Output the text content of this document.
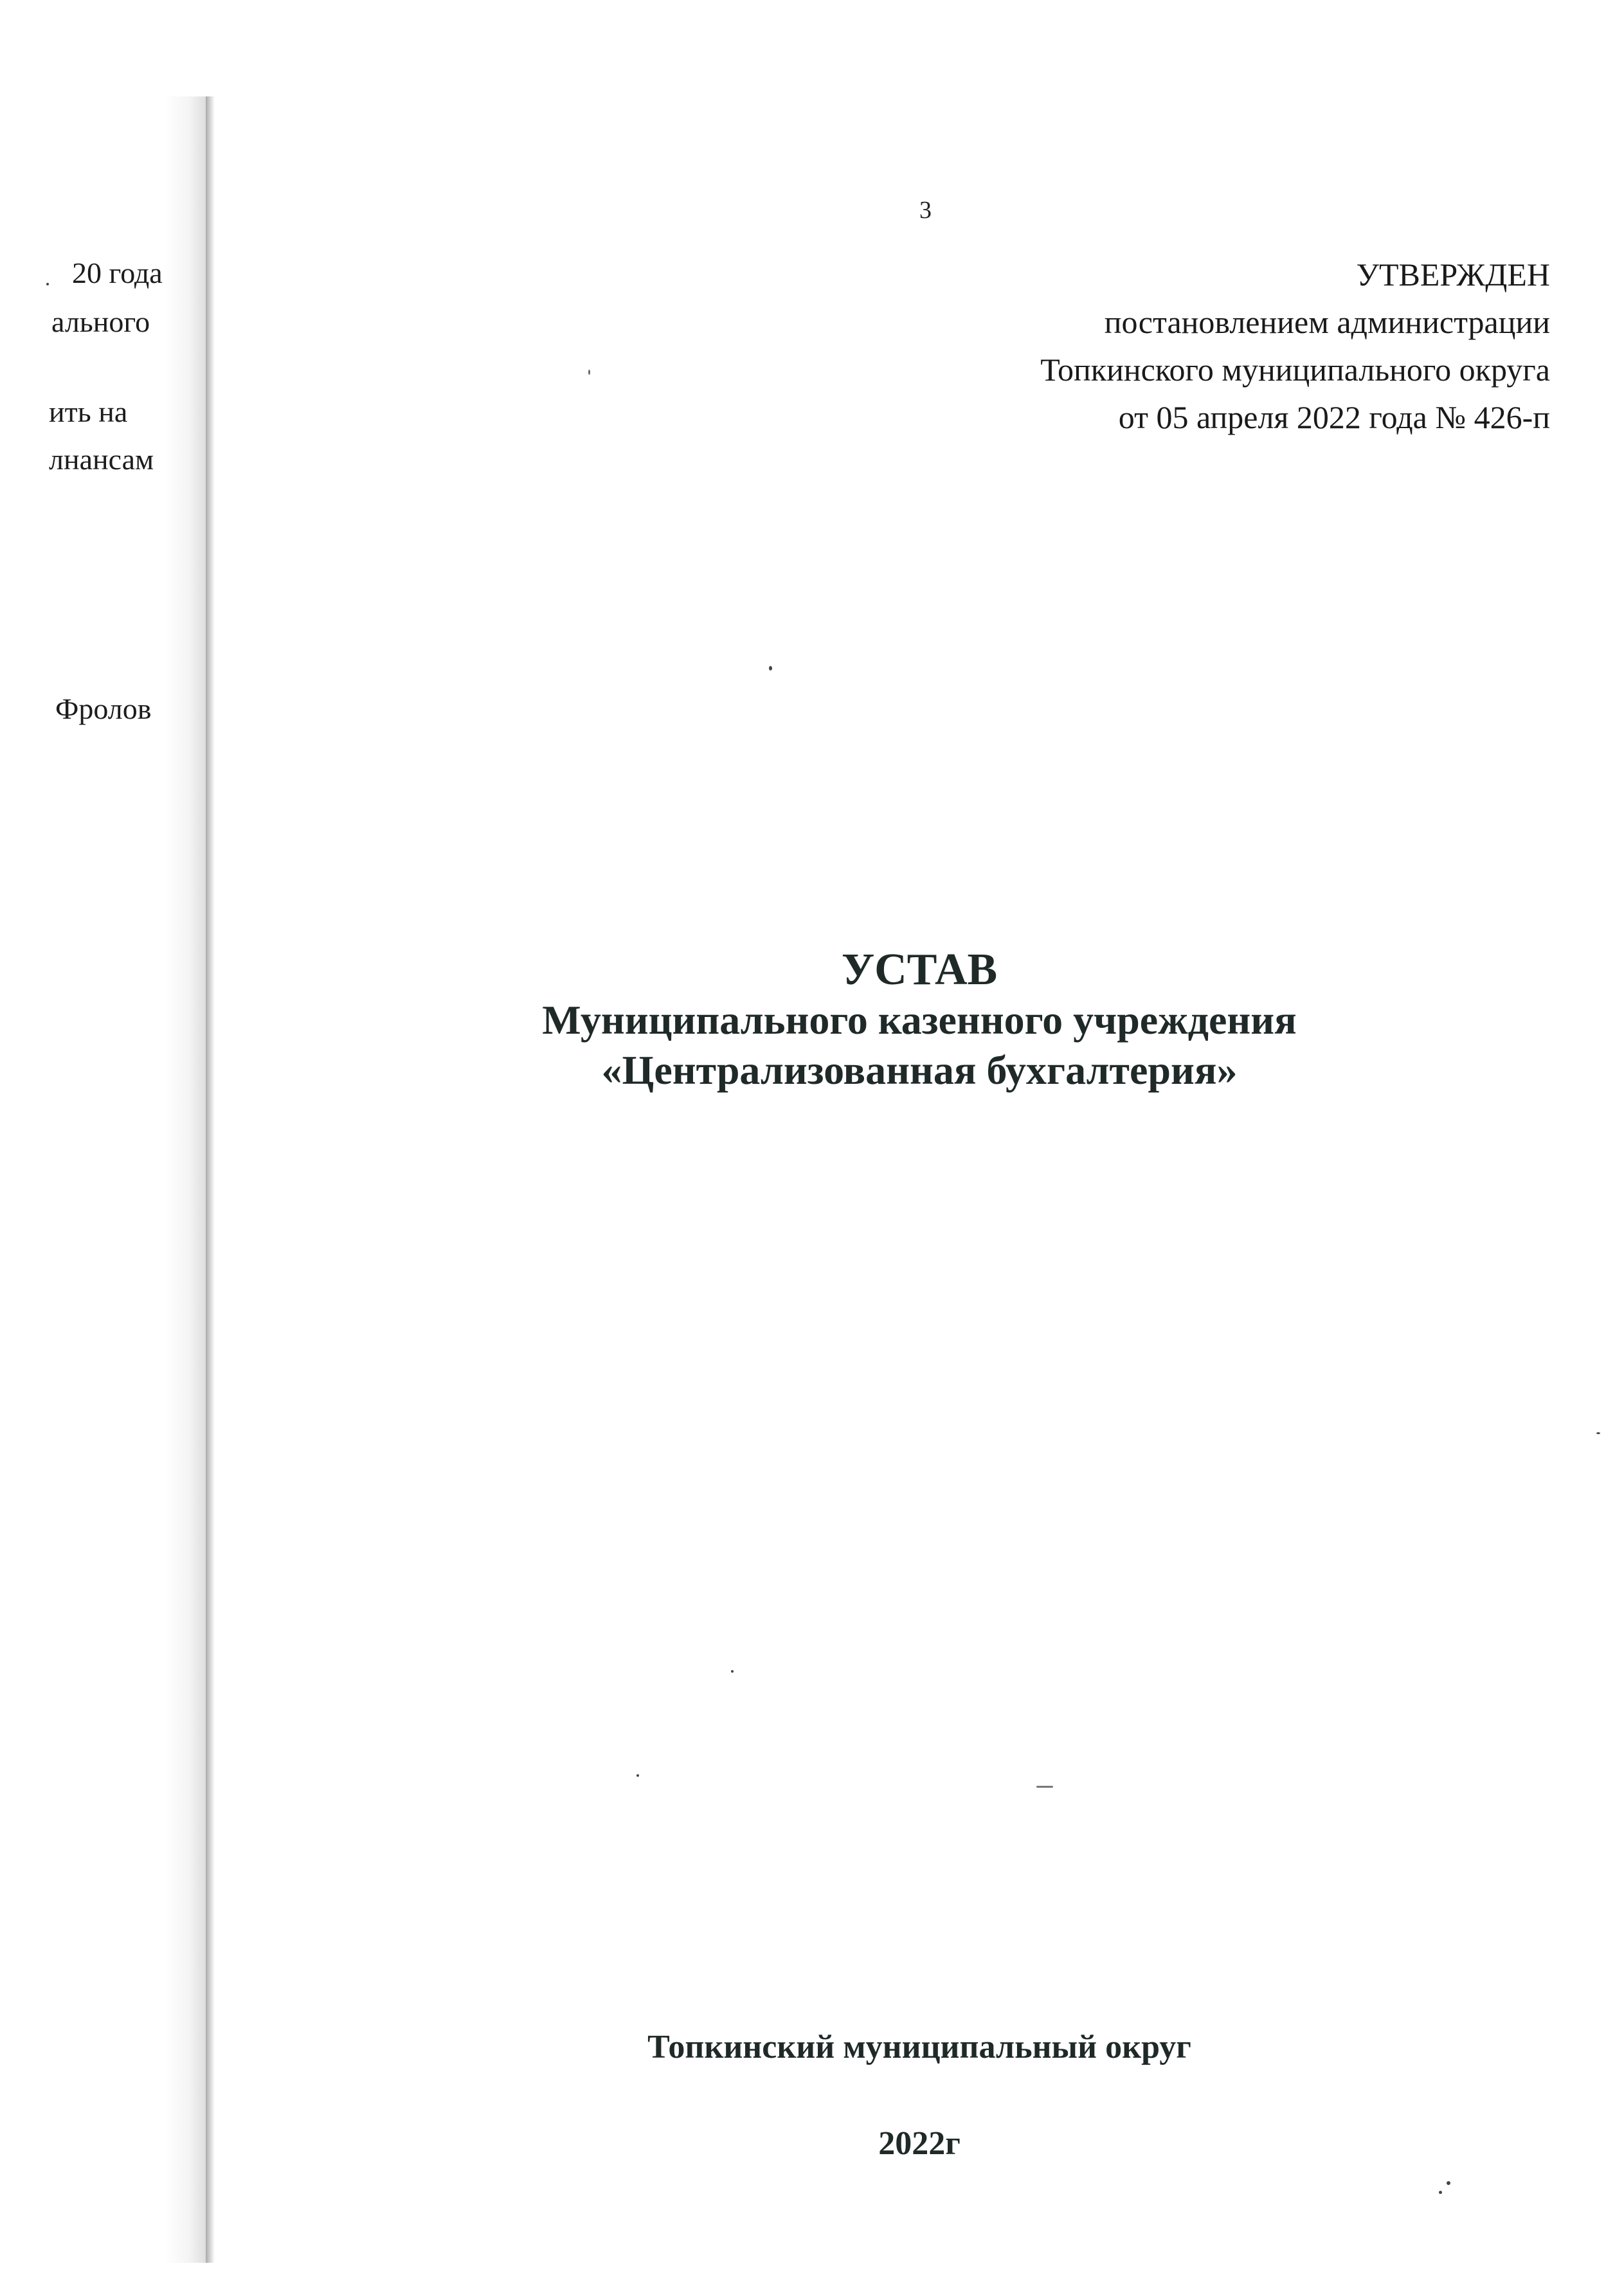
20 года
ального
ить на
лнансам
Фролов
3
УТВЕРЖДЕН
постановлением администрации
Топкинского муниципального округа
от 05 апреля 2022 года № 426-п
УСТАВ
Муниципального казенного учреждения
«Централизованная бухгалтерия»
Топкинский муниципальный округ
2022г
